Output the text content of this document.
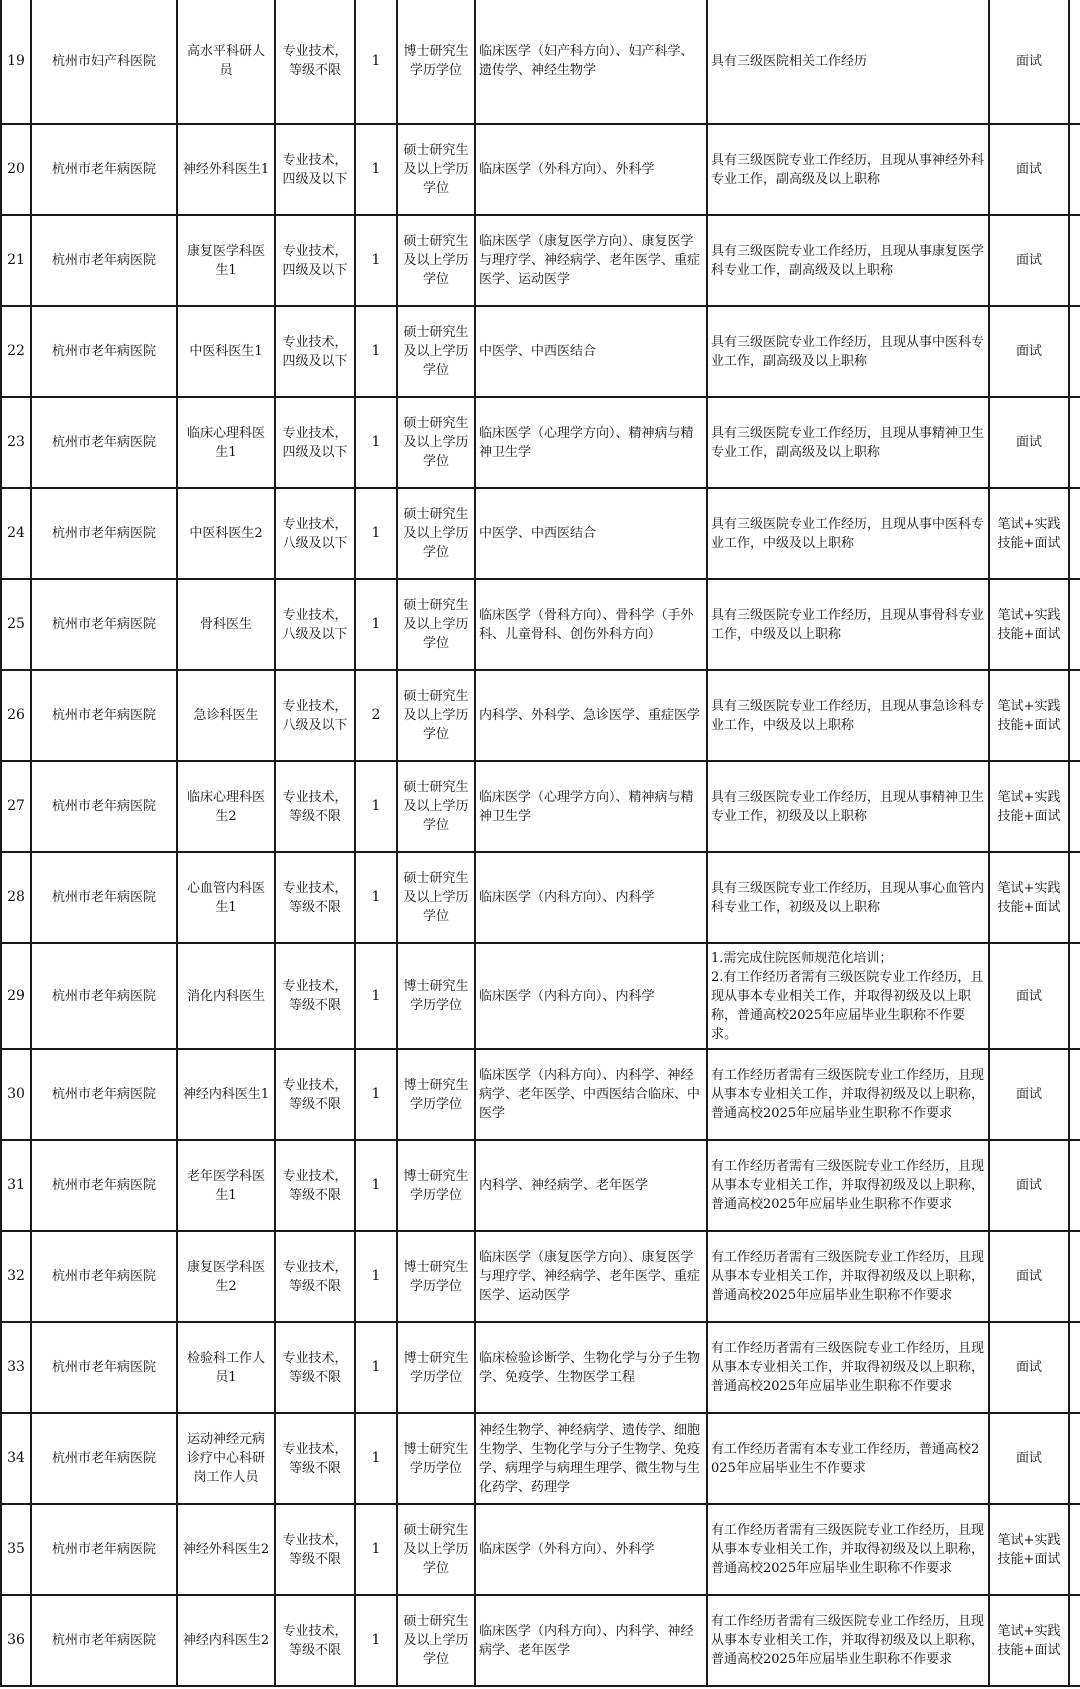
19	杭州市妇产科医院	高水平科研人员	专业技术，等级不限	1	博士研究生学历学位	临床医学（妇产科方向）、妇产科学、遗传学、神经生物学	具有三级医院相关工作经历	面试	
20	杭州市老年病医院	神经外科医生1	专业技术，四级及以下	1	硕士研究生及以上学历学位	临床医学（外科方向）、外科学	具有三级医院专业工作经历，且现从事神经外科专业工作，副高级及以上职称	面试	
21	杭州市老年病医院	康复医学科医生1	专业技术，四级及以下	1	硕士研究生及以上学历学位	临床医学（康复医学方向）、康复医学与理疗学、神经病学、老年医学、重症医学、运动医学	具有三级医院专业工作经历，且现从事康复医学科专业工作，副高级及以上职称	面试	
22	杭州市老年病医院	中医科医生1	专业技术，四级及以下	1	硕士研究生及以上学历学位	中医学、中西医结合	具有三级医院专业工作经历，且现从事中医科专业工作，副高级及以上职称	面试	
23	杭州市老年病医院	临床心理科医生1	专业技术，四级及以下	1	硕士研究生及以上学历学位	临床医学（心理学方向）、精神病与精神卫生学	具有三级医院专业工作经历，且现从事精神卫生专业工作，副高级及以上职称	面试	
24	杭州市老年病医院	中医科医生2	专业技术，八级及以下	1	硕士研究生及以上学历学位	中医学、中西医结合	具有三级医院专业工作经历，且现从事中医科专业工作，中级及以上职称	笔试+实践技能+面试	
25	杭州市老年病医院	骨科医生	专业技术，八级及以下	1	硕士研究生及以上学历学位	临床医学（骨科方向）、骨科学（手外科、儿童骨科、创伤外科方向）	具有三级医院专业工作经历，且现从事骨科专业工作，中级及以上职称	笔试+实践技能+面试	
26	杭州市老年病医院	急诊科医生	专业技术，八级及以下	2	硕士研究生及以上学历学位	内科学、外科学、急诊医学、重症医学	具有三级医院专业工作经历，且现从事急诊科专业工作，中级及以上职称	笔试+实践技能+面试	
27	杭州市老年病医院	临床心理科医生2	专业技术，等级不限	1	硕士研究生及以上学历学位	临床医学（心理学方向）、精神病与精神卫生学	具有三级医院专业工作经历，且现从事精神卫生专业工作，初级及以上职称	笔试+实践技能+面试	
28	杭州市老年病医院	心血管内科医生1	专业技术，等级不限	1	硕士研究生及以上学历学位	临床医学（内科方向）、内科学	具有三级医院专业工作经历，且现从事心血管内科专业工作，初级及以上职称	笔试+实践技能+面试	
29	杭州市老年病医院	消化内科医生	专业技术，等级不限	1	博士研究生学历学位	临床医学（内科方向）、内科学	1.需完成住院医师规范化培训；
2.有工作经历者需有三级医院专业工作经历，且现从事本专业相关工作，并取得初级及以上职称，普通高校2025年应届毕业生职称不作要求。	面试	
30	杭州市老年病医院	神经内科医生1	专业技术，等级不限	1	博士研究生学历学位	临床医学（内科方向）、内科学、神经病学、老年医学、中西医结合临床、中医学	有工作经历者需有三级医院专业工作经历，且现从事本专业相关工作，并取得初级及以上职称，普通高校2025年应届毕业生职称不作要求	面试	
31	杭州市老年病医院	老年医学科医生1	专业技术，等级不限	1	博士研究生学历学位	内科学、神经病学、老年医学	有工作经历者需有三级医院专业工作经历，且现从事本专业相关工作，并取得初级及以上职称，普通高校2025年应届毕业生职称不作要求	面试	
32	杭州市老年病医院	康复医学科医生2	专业技术，等级不限	1	博士研究生学历学位	临床医学（康复医学方向）、康复医学与理疗学、神经病学、老年医学、重症医学、运动医学	有工作经历者需有三级医院专业工作经历，且现从事本专业相关工作，并取得初级及以上职称，普通高校2025年应届毕业生职称不作要求	面试	
33	杭州市老年病医院	检验科工作人员1	专业技术，等级不限	1	博士研究生学历学位	临床检验诊断学、生物化学与分子生物学、免疫学、生物医学工程	有工作经历者需有三级医院专业工作经历，且现从事本专业相关工作，并取得初级及以上职称，普通高校2025年应届毕业生职称不作要求	面试	
34	杭州市老年病医院	运动神经元病诊疗中心科研岗工作人员	专业技术，等级不限	1	博士研究生学历学位	神经生物学、神经病学、遗传学、细胞生物学、生物化学与分子生物学、免疫学、病理学与病理生理学、微生物与生化药学、药理学	有工作经历者需有本专业工作经历，普通高校2025年应届毕业生不作要求	面试	
35	杭州市老年病医院	神经外科医生2	专业技术，等级不限	1	硕士研究生及以上学历学位	临床医学（外科方向）、外科学	有工作经历者需有三级医院专业工作经历，且现从事本专业相关工作，并取得初级及以上职称，普通高校2025年应届毕业生职称不作要求	笔试+实践技能+面试	
36	杭州市老年病医院	神经内科医生2	专业技术，等级不限	1	硕士研究生及以上学历学位	临床医学（内科方向）、内科学、神经病学、老年医学	有工作经历者需有三级医院专业工作经历，且现从事本专业相关工作，并取得初级及以上职称，普通高校2025年应届毕业生职称不作要求	笔试+实践技能+面试	
